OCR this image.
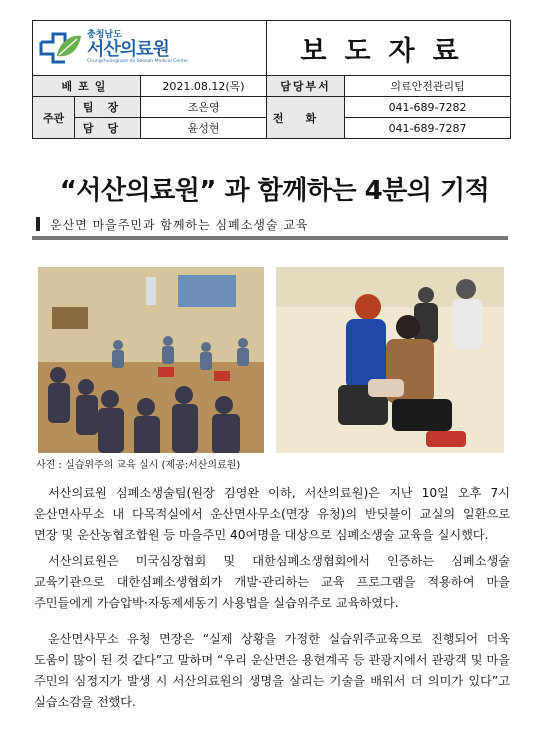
충청남도
서산의료원
Chungcheongnam-do Seosan Medical Center			보도자료	
배포일		2021.08.12(목)	담당부서	의료안전관리팀
주관	팀장	조은영	전화	041-689-7282
	담당	윤성현		041-689-7287
“서산의료원” 과 함께하는 4분의 기적
운산면 마을주민과 함께하는 심폐소생술 교육
사진 : 실습위주의 교육 실시 (제공:서산의료원)

서산의료원 심폐소생술팀(원장 김영완 이하, 서산의료원)은 지난 10일 오후 7시 운산면사무소 내 다목적실에서 운산면사무소(면장 유청)의 반딧불이 교실의 일환으로 면장 및 운산농협조합원 등 마을주민 40여명을 대상으로 심폐소생술 교육을 실시했다.

서산의료원은 미국심장협회 및 대한심폐소생협회에서 인증하는 심폐소생술 교육기관으로 대한심폐소생협회가 개발·관리하는 교육 프로그램을 적용하여 마을 주민들에게 가슴압박·자동제세동기 사용법을 실습위주로 교육하였다.

운산면사무소 유청 면장은 “실제 상황을 가정한 실습위주교육으로 진행되어 더욱 도움이 많이 된 것 같다”고 말하며 “우리 운산면은 용현계곡 등 관광지에서 관광객 및 마을 주민의 심정지가 발생 시 서산의료원의 생명을 살리는 기술을 배워서 더 의미가 있다”고 실습소감을 전했다.
